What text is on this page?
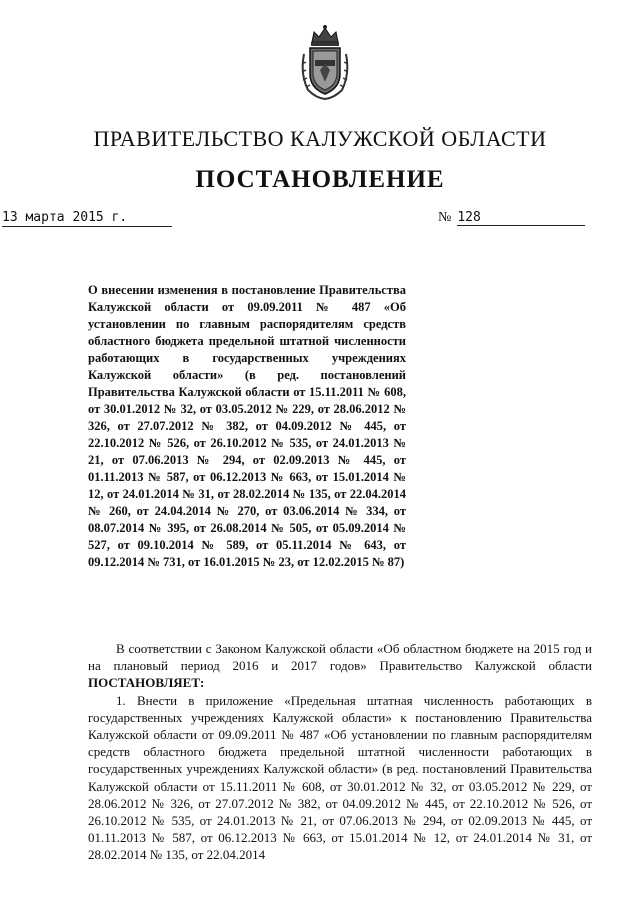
ПРАВИТЕЛЬСТВО КАЛУЖСКОЙ ОБЛАСТИ
ПОСТАНОВЛЕНИЕ
13 марта 2015 г.	№ 128
О внесении изменения в постановление Правительства Калужской области от 09.09.2011 № 487 «Об установлении по главным распорядителям средств областного бюджета предельной штатной численности работающих в государственных учреждениях Калужской области» (в ред. постановлений Правительства Калужской области от 15.11.2011 № 608, от 30.01.2012 № 32, от 03.05.2012 № 229, от 28.06.2012 № 326, от 27.07.2012 № 382, от 04.09.2012 № 445, от 22.10.2012 № 526, от 26.10.2012 № 535, от 24.01.2013 № 21, от 07.06.2013 № 294, от 02.09.2013 № 445, от 01.11.2013 № 587, от 06.12.2013 № 663, от 15.01.2014 № 12, от 24.01.2014 № 31, от 28.02.2014 № 135, от 22.04.2014 № 260, от 24.04.2014 № 270, от 03.06.2014 № 334, от 08.07.2014 № 395, от 26.08.2014 № 505, от 05.09.2014 № 527, от 09.10.2014 № 589, от 05.11.2014 № 643, от 09.12.2014 № 731, от 16.01.2015 № 23, от 12.02.2015 № 87)

В соответствии с Законом Калужской области «Об областном бюджете на 2015 год и на плановый период 2016 и 2017 годов» Правительство Калужской области ПОСТАНОВЛЯЕТ:

1. Внести в приложение «Предельная штатная численность работающих в государственных учреждениях Калужской области» к постановлению Правительства Калужской области от 09.09.2011 № 487 «Об установлении по главным распорядителям средств областного бюджета предельной штатной численности работающих в государственных учреждениях Калужской области» (в ред. постановлений Правительства Калужской области от 15.11.2011 № 608, от 30.01.2012 № 32, от 03.05.2012 № 229, от 28.06.2012 № 326, от 27.07.2012 № 382, от 04.09.2012 № 445, от 22.10.2012 № 526, от 26.10.2012 № 535, от 24.01.2013 № 21, от 07.06.2013 № 294, от 02.09.2013 № 445, от 01.11.2013 № 587, от 06.12.2013 № 663, от 15.01.2014 № 12, от 24.01.2014 № 31, от 28.02.2014 № 135, от 22.04.2014
